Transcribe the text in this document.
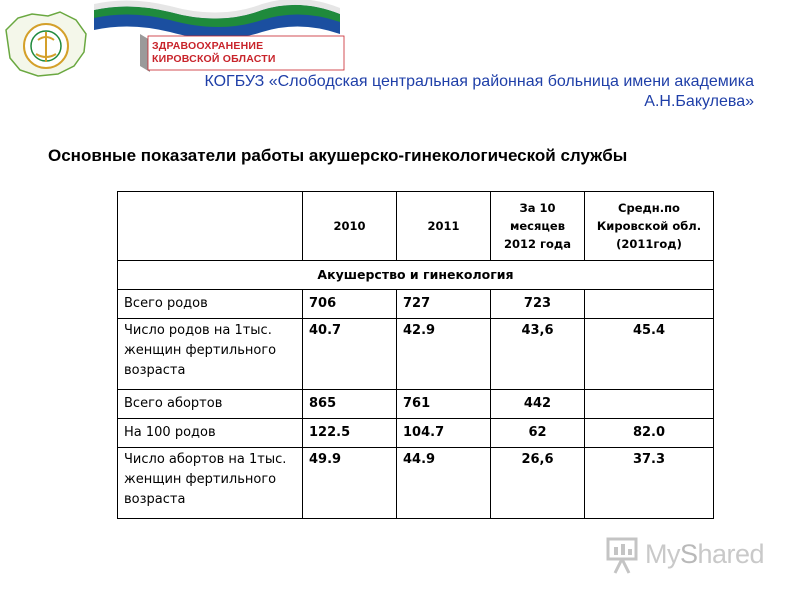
ЗДРАВООХРАНЕНИЕ
КИРОВСКОЙ ОБЛАСТИ
КОГБУЗ «Слободская центральная районная больница имени академика
А.Н.Бакулева»
Основные показатели работы акушерско-гинекологической службы
	2010	2011	За 10 месяцев 2012 года	Средн.по Кировской обл. (2011год)
Акушерство и гинекология				
Всего родов	706	727	723	
Число родов на 1тыс. женщин фертильного возраста	40.7	42.9	43,6	45.4
Всего абортов	865	761	442	
На 100 родов	122.5	104.7	62	82.0
Число абортов на 1тыс. женщин фертильного возраста	49.9	44.9	26,6	37.3
MyShared
